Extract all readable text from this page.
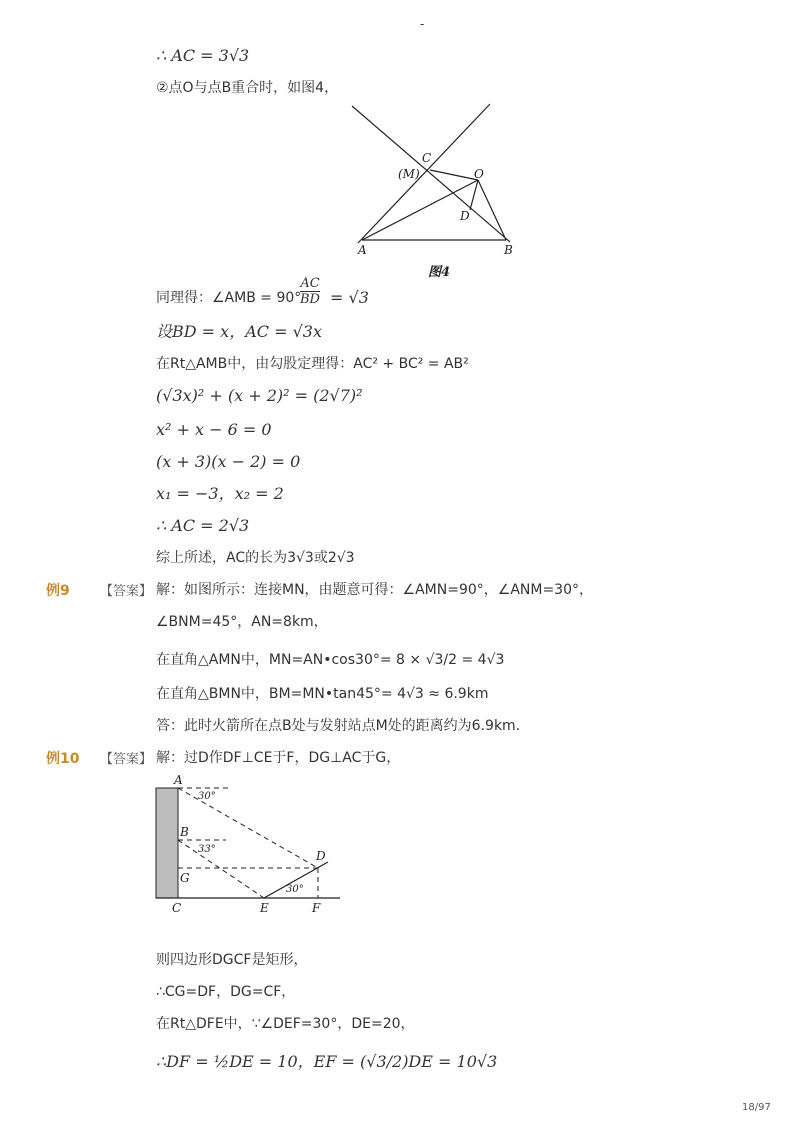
-
∴ AC = 3√3
②点O与点B重合时，如图4，
C
(M)	O
D
A	B
图4
同理得：∠AMB = 90°
$\frac{AC}{BD} = √3$
设BD = x，AC = √3x
在Rt△AMB中，由勾股定理得：AC² + BC² = AB²
(√3x)² + (x + 2)² = (2√7)²
x² + x − 6 = 0
(x + 3)(x − 2) = 0
x₁ = −3，x₂ = 2
∴ AC = 2√3
综上所述，AC的长为3√3或2√3
例9 【答案】 解：如图所示：连接MN，由题意可得：∠AMN=90°，∠ANM=30°，
∠BNM=45°，AN=8km，
在直角△AMN中，MN=AN•cos30°= 8 × √3/2 = 4√3
在直角△BMN中，BM=MN•tan45°= 4√3 ≈ 6.9km
答：此时火箭所在点B处与发射站点M处的距离约为6.9km．
例10 【答案】 解：过D作DF⊥CE于F，DG⊥AC于G，
A
B
G
C	E	F
D
30°
33°
30°
则四边形DGCF是矩形，
∴CG=DF，DG=CF，
在Rt△DFE中，∵∠DEF=30°，DE=20，
∴DF = ½DE = 10，EF = (√3/2)DE = 10√3
18/97
